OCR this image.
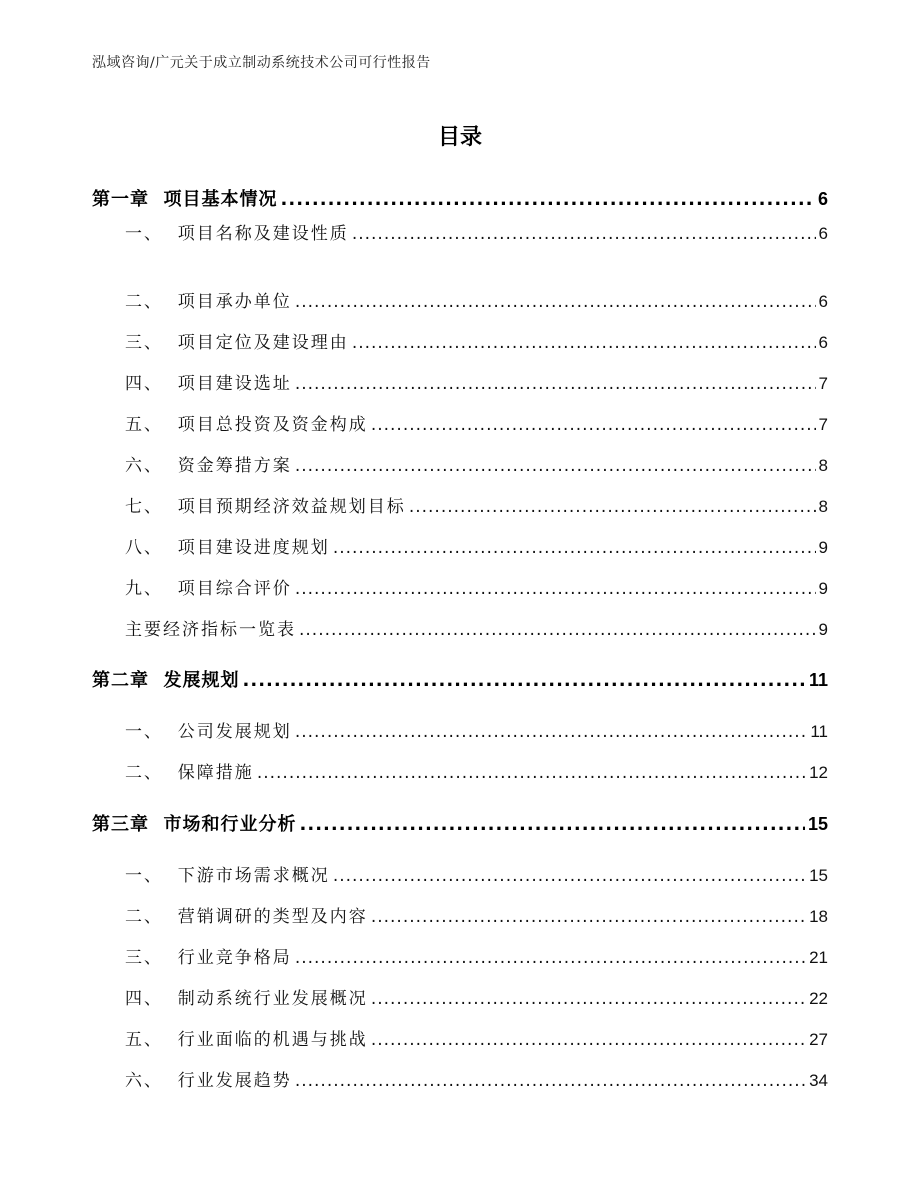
泓域咨询/广元关于成立制动系统技术公司可行性报告
目录
第一章  项目基本情况 .....	6
一、  项目名称及建设性质 .....	6
二、  项目承办单位 .....	6
三、  项目定位及建设理由 .....	6
四、  项目建设选址 .....	7
五、  项目总投资及资金构成 .....	7
六、  资金筹措方案 .....	8
七、  项目预期经济效益规划目标 .....	8
八、  项目建设进度规划 .....	9
九、  项目综合评价 .....	9
主要经济指标一览表 .....	9
第二章  发展规划 .....	11
一、  公司发展规划 .....	11
二、  保障措施 .....	12
第三章  市场和行业分析 .....	15
一、  下游市场需求概况 .....	15
二、  营销调研的类型及内容 .....	18
三、  行业竞争格局 .....	21
四、  制动系统行业发展概况 .....	22
五、  行业面临的机遇与挑战 .....	27
六、  行业发展趋势 .....	34
